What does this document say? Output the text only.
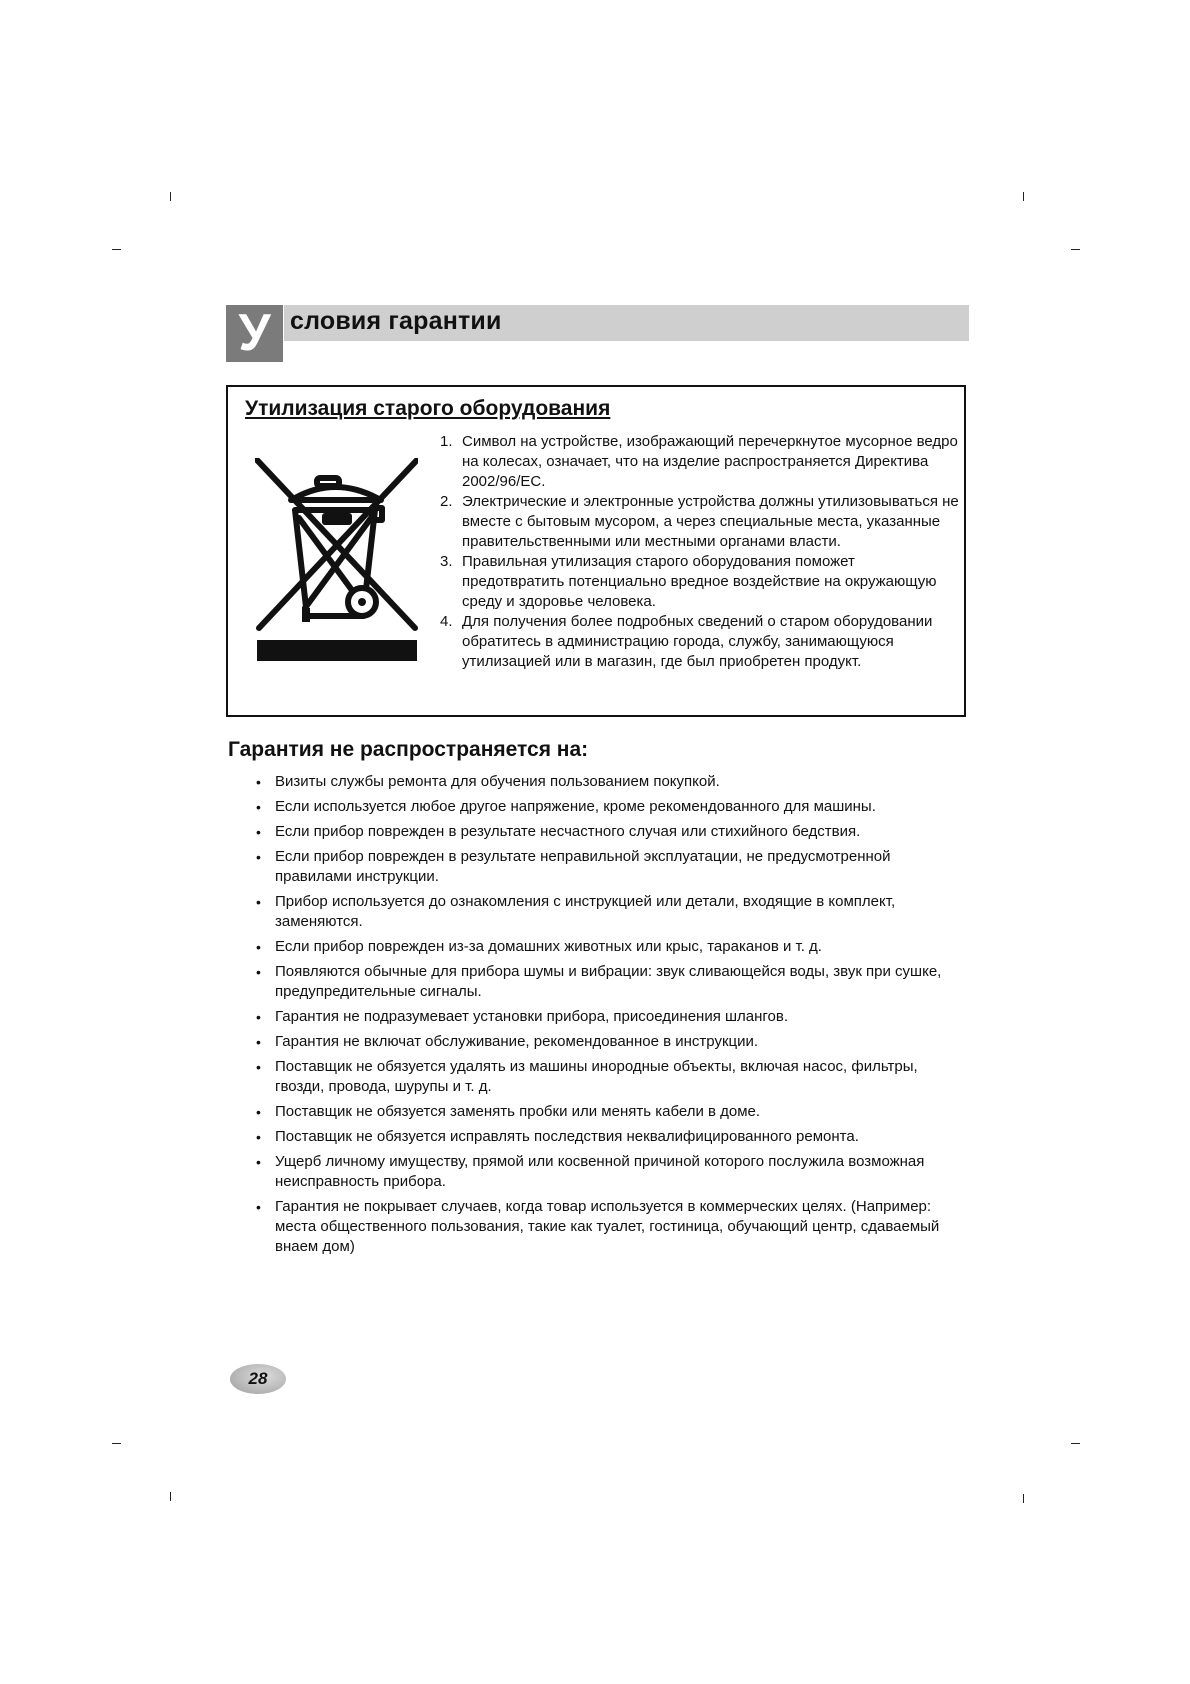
У словия гарантии
Утилизация старого оборудования
1. Символ на устройстве, изображающий перечеркнутое мусорное ведро на колесах, означает, что на изделие распространяется Директива 2002/96/ЕС.
2. Электрические и электронные устройства должны утилизовываться не вместе с бытовым мусором, а через специальные места, указанные правительственными или местными органами власти.
3. Правильная утилизация старого оборудования поможет предотвратить потенциально вредное воздействие на окружающую среду и здоровье человека.
4. Для получения более подробных сведений о старом оборудовании обратитесь в администрацию города, службу, занимающуюся утилизацией или в магазин, где был приобретен продукт.
Гарантия не распространяется на:
• Визиты службы ремонта для обучения пользованием покупкой.
• Если используется любое другое напряжение, кроме рекомендованного для машины.
• Если прибор поврежден в результате несчастного случая или стихийного бедствия.
• Если прибор поврежден в результате неправильной эксплуатации, не предусмотренной правилами инструкции.
• Прибор используется до ознакомления с инструкцией или детали, входящие в комплект, заменяются.
• Если прибор поврежден из-за домашних животных или крыс, тараканов и т. д.
• Появляются обычные для прибора шумы и вибрации: звук сливающейся воды, звук при сушке, предупредительные сигналы.
• Гарантия не подразумевает установки прибора, присоединения шлангов.
• Гарантия не включат обслуживание, рекомендованное в инструкции.
• Поставщик не обязуется удалять из машины инородные объекты, включая насос, фильтры, гвозди, провода, шурупы и т. д.
• Поставщик не обязуется заменять пробки или менять кабели в доме.
• Поставщик не обязуется исправлять последствия неквалифицированного ремонта.
• Ущерб личному имуществу, прямой или косвенной причиной которого послужила возможная неисправность прибора.
• Гарантия не покрывает случаев, когда товар используется в коммерческих целях. (Например: места общественного пользования, такие как туалет, гостиница, обучающий центр, сдаваемый внаем дом)
28
